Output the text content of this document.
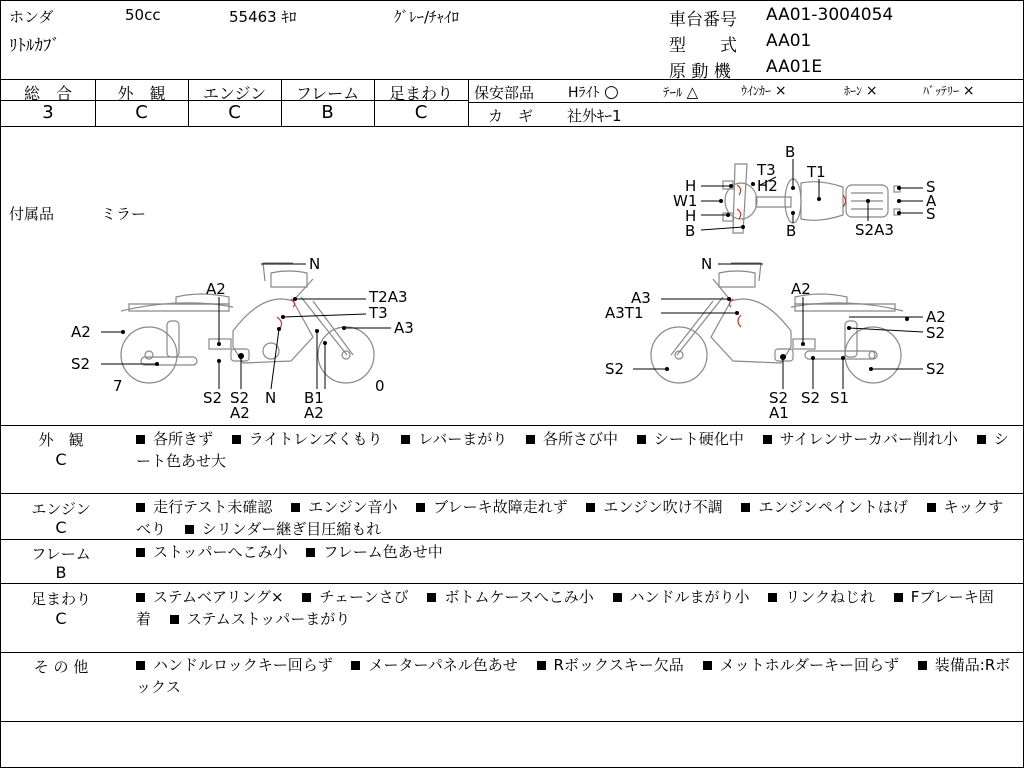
ホンダ	50cc	55463 ｷﾛ	ｸﾞﾚｰ/ﾁｬｲﾛ
ﾘﾄﾙｶﾌﾞ
車台番号 AA01-3004054
型　　式 AA01
原 動 機 AA01E
総　合
3
外　観
C
エンジン
C
フレーム
B
足まわり
C
保安部品 Hﾗｲﾄ ○	ﾃｰﾙ △	ｳｲﾝｶｰ ×	ﾎｰﾝ ×	ﾊﾞｯﾃﾘｰ ×
カ　ギ 社外ｷｰ1
付属品	ミラー
B
T3 T1
H	H2
W1
H
B	B
S
A
S
S2A3
N
A2	T2A3
T3
A2	A3
S2
7	0
S2 S2 N B1
A2	A2
N
A3
A3T1
A2
A2
S2
S2	S2
S2 S2 S1
A1
外　観
C
各所きず ライトレンズくもり レバーまがり 各所さび中 シート硬化中 サイレンサーカバー削れ小 シート色あせ大
エンジン
C
走行テスト未確認 エンジン音小 ブレーキ故障走れず エンジン吹け不調 エンジンペイントはげ キックすべり シリンダー継ぎ目圧縮もれ
フレーム
B
ストッパーへこみ小 フレーム色あせ中
足まわり
C
ステムベアリング× チェーンさび ボトムケースへこみ小 ハンドルまがり小 リンクねじれ Fブレーキ固着 ステムストッパーまがり
そ の 他	ハンドルロックキー回らず メーターパネル色あせ Rボックスキー欠品 メットホルダーキー回らず 装備品:Rボックス
